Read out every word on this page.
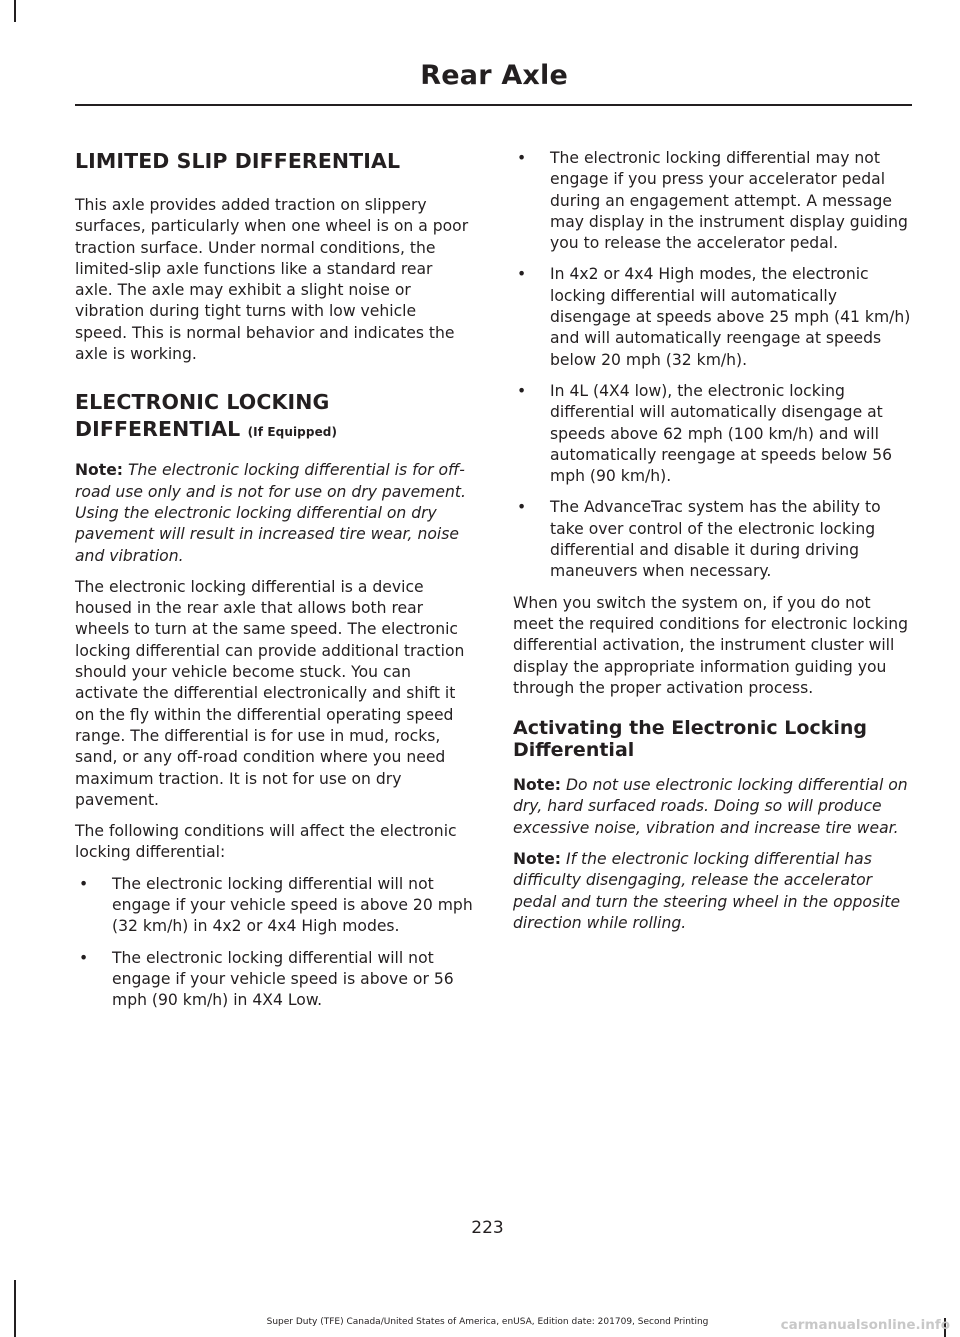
Rear Axle
LIMITED SLIP DIFFERENTIAL

This axle provides added traction on slippery surfaces, particularly when one wheel is on a poor traction surface. Under normal conditions, the limited-slip axle functions like a standard rear axle. The axle may exhibit a slight noise or vibration during tight turns with low vehicle speed. This is normal behavior and indicates the axle is working.

ELECTRONIC LOCKING
DIFFERENTIAL (If Equipped)

Note: The electronic locking differential is for off-road use only and is not for use on dry pavement. Using the electronic locking differential on dry pavement will result in increased tire wear, noise and vibration.

The electronic locking differential is a device housed in the rear axle that allows both rear wheels to turn at the same speed. The electronic locking differential can provide additional traction should your vehicle become stuck. You can activate the differential electronically and shift it on the fly within the differential operating speed range. The differential is for use in mud, rocks, sand, or any off-road condition where you need maximum traction. It is not for use on dry pavement.

The following conditions will affect the electronic locking differential:

• The electronic locking differential will not engage if your vehicle speed is above 20 mph (32 km/h) in 4x2 or 4x4 High modes.
• The electronic locking differential will not engage if your vehicle speed is above or 56 mph (90 km/h) in 4X4 Low.
• The electronic locking differential may not engage if you press your accelerator pedal during an engagement attempt. A message may display in the instrument display guiding you to release the accelerator pedal.
• In 4x2 or 4x4 High modes, the electronic locking differential will automatically disengage at speeds above 25 mph (41 km/h) and will automatically reengage at speeds below 20 mph (32 km/h).
• In 4L (4X4 low), the electronic locking differential will automatically disengage at speeds above 62 mph (100 km/h) and will automatically reengage at speeds below 56 mph (90 km/h).
• The AdvanceTrac system has the ability to take over control of the electronic locking differential and disable it during driving maneuvers when necessary.

When you switch the system on, if you do not meet the required conditions for electronic locking differential activation, the instrument cluster will display the appropriate information guiding you through the proper activation process.

Activating the Electronic Locking Differential

Note: Do not use electronic locking differential on dry, hard surfaced roads. Doing so will produce excessive noise, vibration and increase tire wear.

Note: If the electronic locking differential has difficulty disengaging, release the accelerator pedal and turn the steering wheel in the opposite direction while rolling.

223
Super Duty (TFE) Canada/United States of America, enUSA, Edition date: 201709, Second Printing	carmanualsonline.info
